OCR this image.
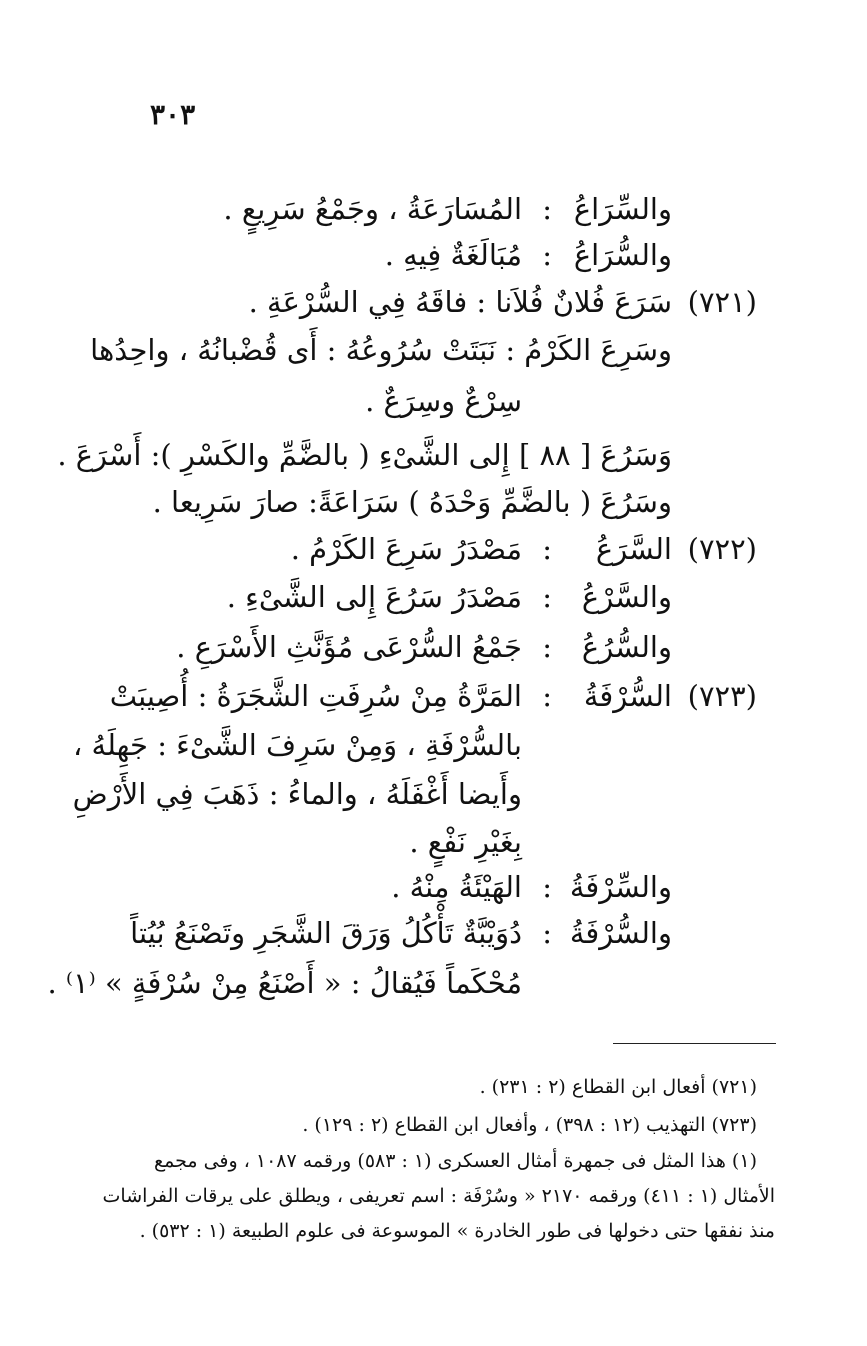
٣٠٣
والسِّرَاعُ
:
المُسَارَعَةُ ، وجَمْعُ سَرِيعٍ .
والسُّرَاعُ
:
مُبَالَغَةٌ فِيهِ .
(٧٢١)
سَرَعَ فُلانٌ فُلاَنا : فاقَهُ فِي السُّرْعَةِ .
وسَرِعَ الكَرْمُ : نَبَتَتْ سُرُوعُهُ : أَى قُضْبانُهُ ، واحِدُها
سِرْعٌ وسِرَعٌ .
وَسَرُعَ [ ٨٨ ] إِلى الشَّىْءِ ( بالضَّمِّ والكَسْرِ ): أَسْرَعَ .
وسَرُعَ ( بالضَّمِّ وَحْدَهُ ) سَرَاعَةً: صارَ سَرِيعا .
(٧٢٢)
السَّرَعُ
:
مَصْدَرُ سَرِعَ الكَرْمُ .
والسَّرْعُ
:
مَصْدَرُ سَرُعَ إِلى الشَّىْءِ .
والسُّرُعُ
:
جَمْعُ السُّرْعَى مُؤَنَّثِ الأَسْرَعِ .
(٧٢٣)
السُّرْفَةُ
:
المَرَّةُ مِنْ سُرِفَتِ الشَّجَرَةُ : أُصِيبَتْ
بالسُّرْفَةِ ، وَمِنْ سَرِفَ الشَّىْءَ : جَهِلَهُ ،
وأَيضا أَغْفَلَهُ ، والماءُ : ذَهَبَ فِي الأَرْضِ
بِغَيْرِ نَفْعٍ .
والسِّرْفَةُ
:
الهَيْئَةُ مِنْهُ .
والسُّرْفَةُ
:
دُوَيْبَّةٌ تَأْكُلُ وَرَقَ الشَّجَرِ وتَصْنَعُ بُيُتاً
مُحْكَماً فَيُقالُ : « أَصْنَعُ مِنْ سُرْفَةٍ » ⁽١⁾ .
(٧٢١) أفعال ابن القطاع (٢ : ٢٣١) .
(٧٢٣) التهذيب (١٢ : ٣٩٨) ، وأفعال ابن القطاع (٢ : ١٢٩) .
(١) هذا المثل فى جمهرة أمثال العسكرى (١ : ٥٨٣) ورقمه ١٠٨٧ ، وفى مجمع
الأمثال (١ : ٤١١) ورقمه ٢١٧٠ « وسُرْفَة : اسم تعريفى ، ويطلق على يرقات الفراشات
منذ نفقها حتى دخولها فى طور الخادرة » الموسوعة فى علوم الطبيعة (١ : ٥٣٢) .
